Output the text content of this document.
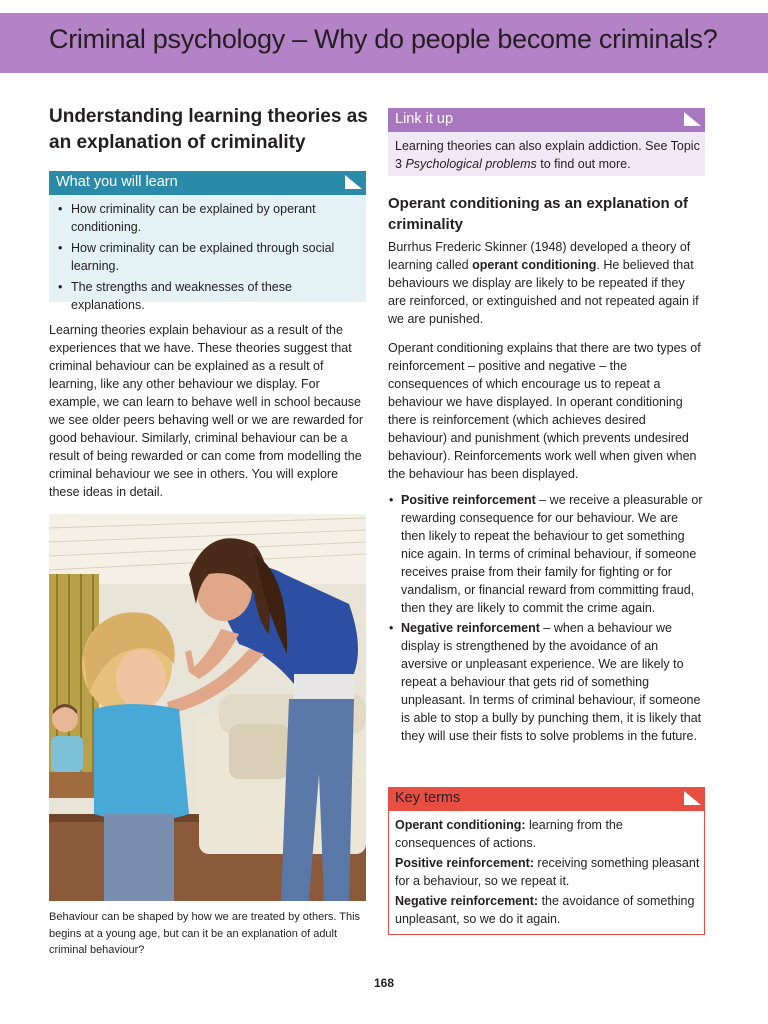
Criminal psychology – Why do people become criminals?
Understanding learning theories as an explanation of criminality
What you will learn
• How criminality can be explained by operant conditioning.
• How criminality can be explained through social learning.
• The strengths and weaknesses of these explanations.
Learning theories explain behaviour as a result of the experiences that we have. These theories suggest that criminal behaviour can be explained as a result of learning, like any other behaviour we display. For example, we can learn to behave well in school because we see older peers behaving well or we are rewarded for good behaviour. Similarly, criminal behaviour can be a result of being rewarded or can come from modelling the criminal behaviour we see in others. You will explore these ideas in detail.
Behaviour can be shaped by how we are treated by others. This begins at a young age, but can it be an explanation of adult criminal behaviour?
Link it up
Learning theories can also explain addiction. See Topic 3 Psychological problems to find out more.
Operant conditioning as an explanation of criminality
Burrhus Frederic Skinner (1948) developed a theory of learning called operant conditioning. He believed that behaviours we display are likely to be repeated if they are reinforced, or extinguished and not repeated again if we are punished.
Operant conditioning explains that there are two types of reinforcement – positive and negative – the consequences of which encourage us to repeat a behaviour we have displayed. In operant conditioning there is reinforcement (which achieves desired behaviour) and punishment (which prevents undesired behaviour). Reinforcements work well when given when the behaviour has been displayed.
• Positive reinforcement – we receive a pleasurable or rewarding consequence for our behaviour. We are then likely to repeat the behaviour to get something nice again. In terms of criminal behaviour, if someone receives praise from their family for fighting or for vandalism, or financial reward from committing fraud, then they are likely to commit the crime again.
• Negative reinforcement – when a behaviour we display is strengthened by the avoidance of an aversive or unpleasant experience. We are likely to repeat a behaviour that gets rid of something unpleasant. In terms of criminal behaviour, if someone is able to stop a bully by punching them, it is likely that they will use their fists to solve problems in the future.
Key terms
Operant conditioning: learning from the consequences of actions.
Positive reinforcement: receiving something pleasant for a behaviour, so we repeat it.
Negative reinforcement: the avoidance of something unpleasant, so we do it again.
168
